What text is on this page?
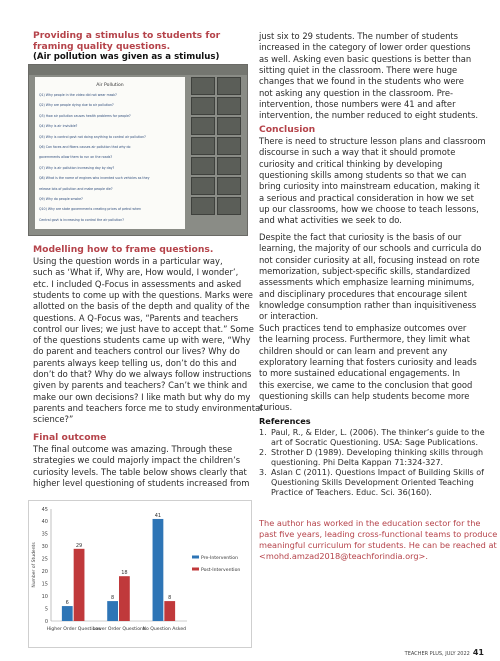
Providing a stimulus to students for framing quality questions.

(Air pollution was given as a stimulus)

Air Pollution
Q1) Why people in the video did not wear mask?
Q2) Why are people dying due to air pollution?
Q3) How air pollution causes health problems for people?
Q4) Why is air invisible?
Q5) Why is control govt not doing anything to control air pollution?
Q6) Can faces and fibers causes air pollution that why do
governments allow them to run on the roads?
Q7) Why is air pollution increasing day by day?
Q8) What is the name of engines who invented such vehicles as they
release lots of pollution and make people die?
Q9) Why do people smoke?
Q10) Why are state governments creating prices of petrol when
Central govt is increasing to control the air pollution?

Modelling how to frame questions.

Using the question words in a particular way,
such as ‘What if, Why are, How would, I wonder’,
etc. I included Q-Focus in assessments and asked
students to come up with the questions. Marks were
allotted on the basis of the depth and quality of the
questions. A Q-Focus was, “Parents and teachers
control our lives; we just have to accept that.” Some
of the questions students came up with were, “Why
do parent and teachers control our lives? Why do
parents always keep telling us, don’t do this and
don’t do that? Why do we always follow instructions
given by parents and teachers? Can’t we think and
make our own decisions? I like math but why do my
parents and teachers force me to study environmental
science?”

Final outcome

The final outcome was amazing. Through these
strategies we could majorly impact the children’s
curiosity levels. The table below shows clearly that
higher level questioning of students increased from
Number of Students
0
5
10
15
20
25
30
35
40
45
6
29
Higher Order Questions
8
18
Lower Order Questions
41
8
No Question Asked
Pre-Intervention
Post-Intervention
just six to 29 students. The number of students
increased in the category of lower order questions
as well. Asking even basic questions is better than
sitting quiet in the classroom. There were huge
changes that we found in the students who were
not asking any question in the classroom. Pre-
intervention, those numbers were 41 and after
intervention, the number reduced to eight students.

Conclusion

There is need to structure lesson plans and classroom
discourse in such a way that it should promote
curiosity and critical thinking by developing
questioning skills among students so that we can
bring curiosity into mainstream education, making it
a serious and practical consideration in how we set
up our classrooms, how we choose to teach lessons,
and what activities we seek to do.
Despite the fact that curiosity is the basis of our
learning, the majority of our schools and curricula do
not consider curiosity at all, focusing instead on rote
memorization, subject-specific skills, standardized
assessments which emphasize learning minimums,
and disciplinary procedures that encourage silent
knowledge consumption rather than inquisitiveness
or interaction.
Such practices tend to emphasize outcomes over
the learning process. Furthermore, they limit what
children should or can learn and prevent any
exploratory learning that fosters curiosity and leads
to more sustained educational engagements. In
this exercise, we came to the conclusion that good
questioning skills can help students become more
curious.

References

1. Paul, R., & Elder, L. (2006). The thinker’s guide to the
art of Socratic Questioning. USA: Sage Publications.
2. Strother D (1989). Developing thinking skills through
questioning. Phi Delta Kappan 71:324-327.
3. Aslan C (2011). Questions Impact of Building Skills of
Questioning Skills Development Oriented Teaching
Practice of Teachers. Educ. Sci. 36(160).
The author has worked in the education sector for the
past five years, leading cross-functional teams to produce
meaningful curriculum for students. He can be reached at
<mohd.amzad2018@teachforindia.org>.
TEACHER PLUS, JULY 2022 41
